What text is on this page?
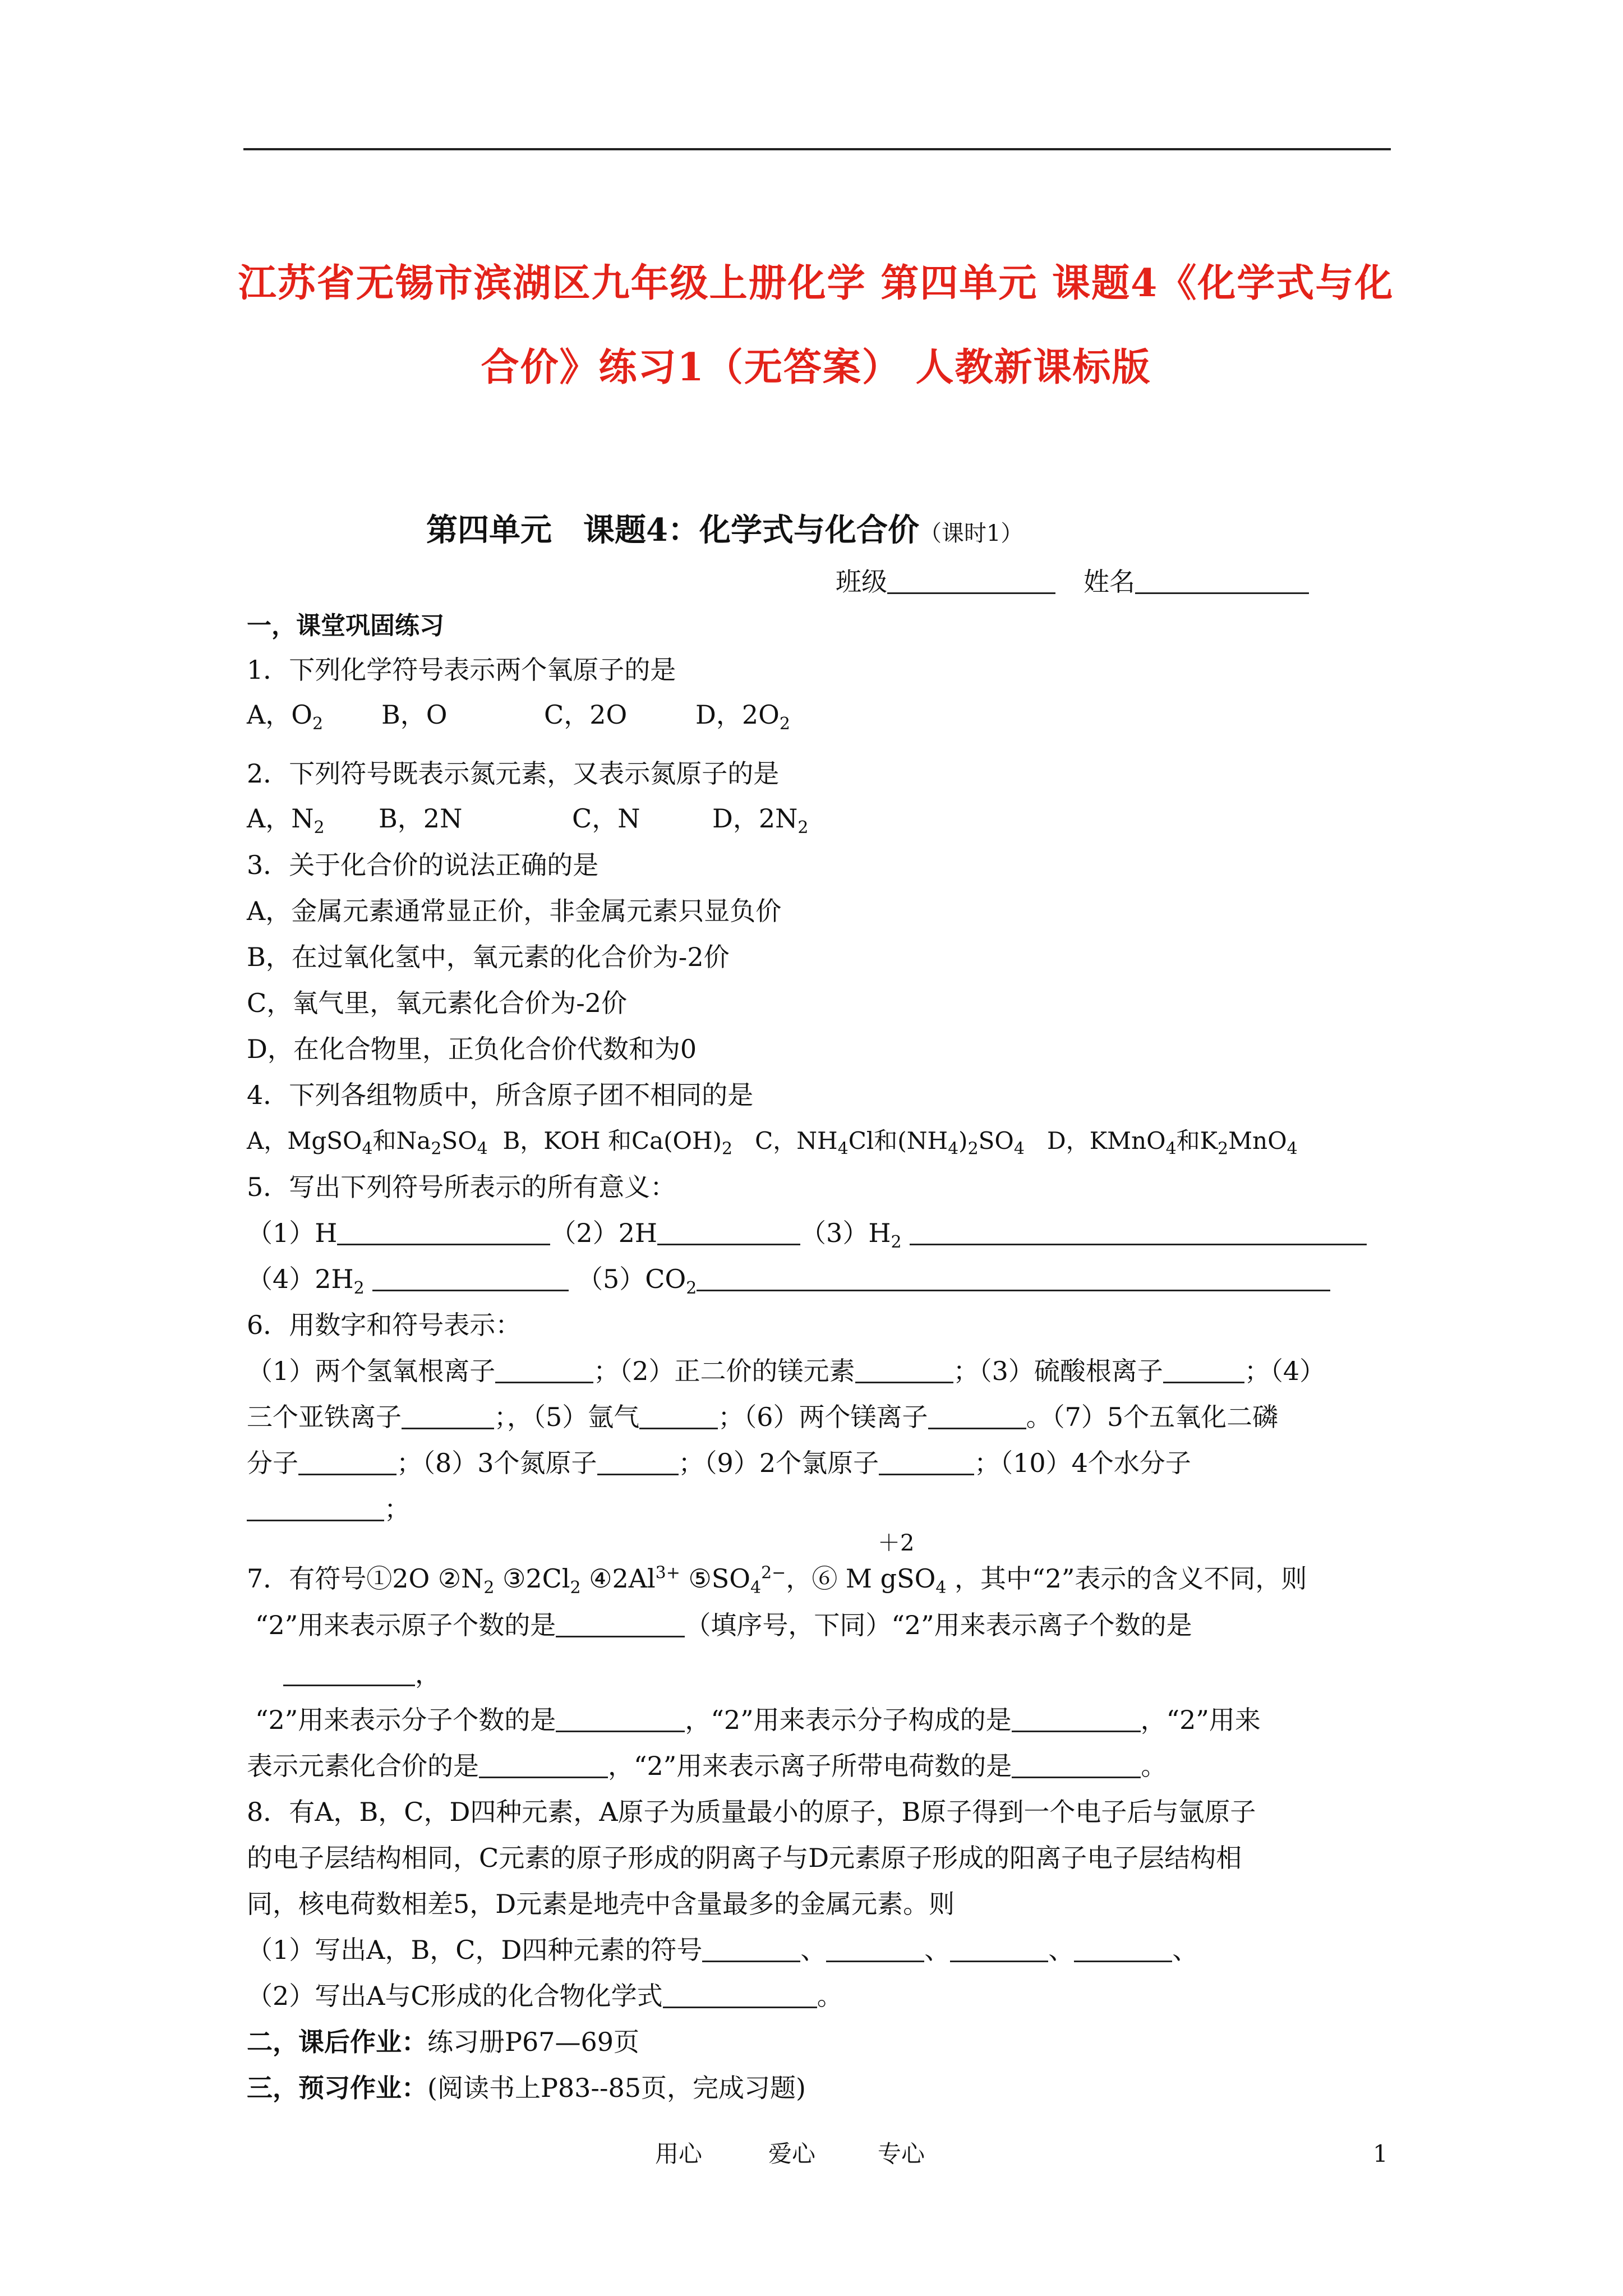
江苏省无锡市滨湖区九年级上册化学 第四单元 课题4《化学式与化
合价》练习1（无答案） 人教新课标版
第四单元　课题4：化学式与化合价（课时1）
班级	姓名
一，课堂巩固练习
1．下列化学符号表示两个氧原子的是
A，$O_2$ B，O	C，2O	D，$2O_2$
2．下列符号既表示氮元素，又表示氮原子的是
A，$N_2$ B，2N	C，N	D，$2N_2$
3．关于化合价的说法正确的是
A，金属元素通常显正价，非金属元素只显负价
B，在过氧化氢中，氧元素的化合价为-2价
C，氧气里，氧元素化合价为-2价
D，在化合物里，正负化合价代数和为0
4．下列各组物质中，所含原子团不相同的是
A，MgSO$_4$和$Na_2SO_4$ B，KOH 和$Ca(OH)_2$ C，$NH_4Cl$和$(NH_4)_2SO_4$ D，KMnO$_4$和$K_2MnO_4$
5．写出下列符号所表示的所有意义：
（1）H	（2）2H	$(3)H_2$
$(4)2H_2$	$(5)CO_2$
6．用数字和符号表示：
（1）两个氢氧根离子	；（2）正二价的镁元素	；（3）硫酸根离子	；（4）
三个亚铁离子	；，（5）氩气	；（6）两个镁离子	。（7）5个五氧化二磷
分子	；（8）3个氮原子	；（9）2个氯原子	；（10）4个水分子
；
＋2
7．有符号①2O $②N_2$ $③2Cl_2$ $④2Al^{3+}$ $⑤SO_4^{2-}$，⑥ M gSO$_4$ ，其中“2”表示的含义不同，则
“2”用来表示原子个数的是	（填序号，下同）“2”用来表示离子个数的是
，
“2”用来表示分子个数的是	，“2”用来表示分子构成的是	，“2”用来
表示元素化合价的是	，“2”用来表示离子所带电荷数的是	。
8．有A，B，C，D四种元素，A原子为质量最小的原子，B原子得到一个电子后与氩原子
的电子层结构相同，C元素的原子形成的阴离子与D元素原子形成的阳离子电子层结构相
同，核电荷数相差5，D元素是地壳中含量最多的金属元素。则
（1）写出A，B，C，D四种元素的符号	、	、	、	、
（2）写出A与C形成的化合物化学式	。
二，课后作业：练习册P67—69页
三，预习作业：(阅读书上P83--85页，完成习题)
用心	爱心	专心	1
